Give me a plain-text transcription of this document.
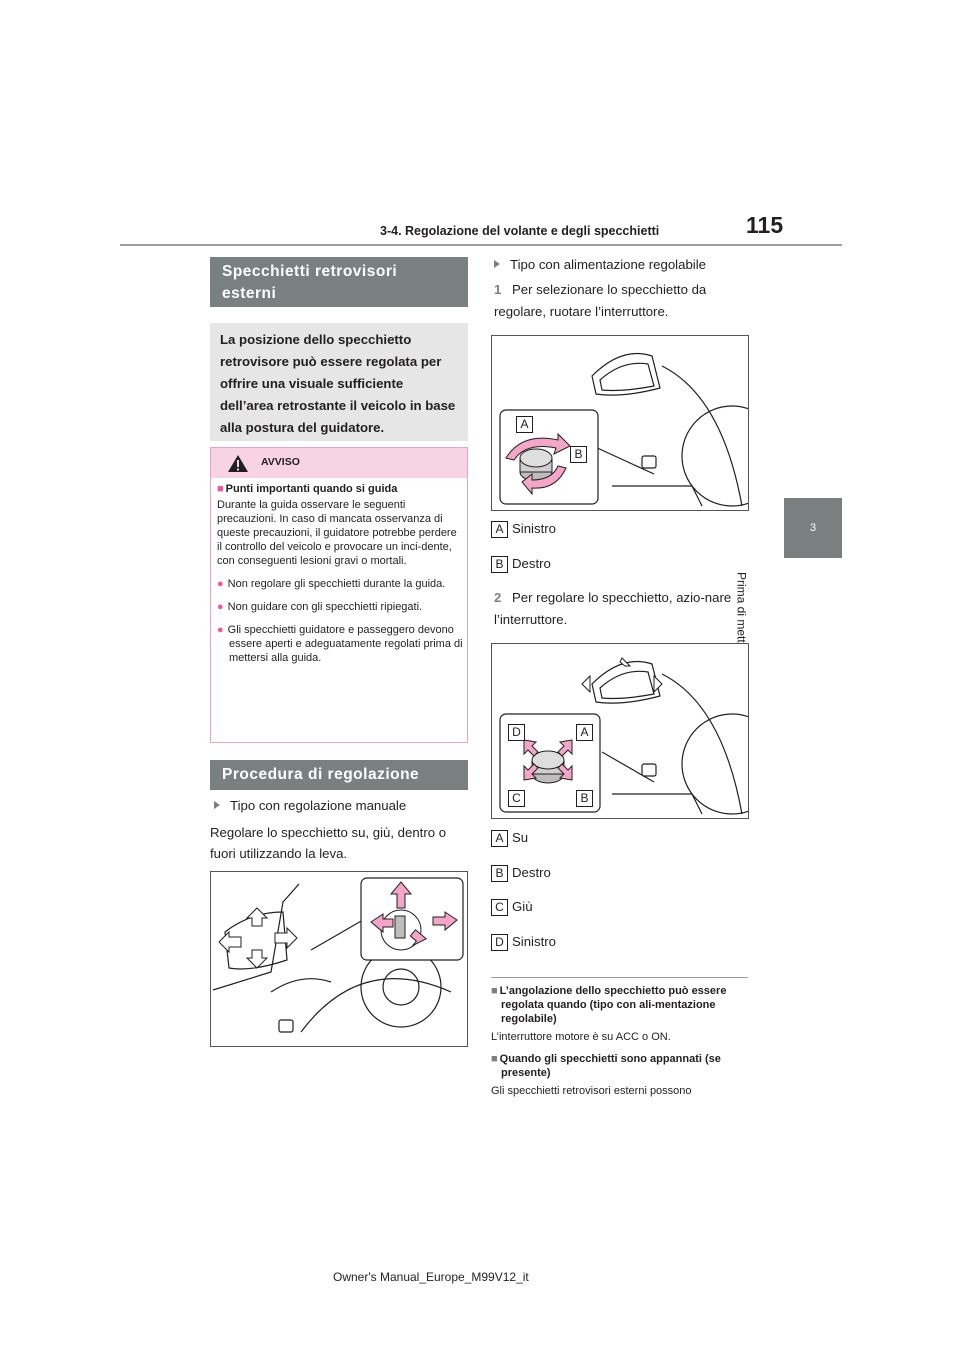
3-4. Regolazione del volante e degli specchietti	115
3
Specchietti retrovisori
esterni
La posizione dello specchietto retrovisore può essere regolata per offrire una visuale sufficiente dell’area retrostante il veicolo in base alla postura del guidatore.
AVVISO
■ Punti importanti quando si guida
Durante la guida osservare le seguenti precauzioni. In caso di mancata osservanza di queste precauzioni, il guidatore potrebbe perdere il controllo del veicolo e provocare un inci-dente, con conseguenti lesioni gravi o mortali.
● Non regolare gli specchietti durante la guida.
● Non guidare con gli specchietti ripiegati.
● Gli specchietti guidatore e passeggero devono essere aperti e adeguatamente regolati prima di mettersi alla guida.
Procedura di regolazione
Tipo con regolazione manuale
Regolare lo specchietto su, giù, dentro o fuori utilizzando la leva.
Tipo con alimentazione regolabile
1 Per selezionare lo specchietto da regolare, ruotare l’interruttore.
A
B
A Sinistro
B Destro
2 Per regolare lo specchietto, azio-nare l’interruttore.
D	A
C	B
A Su
B Destro
C Giù
D Sinistro
■ L’angolazione dello specchietto può essere regolata quando (tipo con ali-mentazione regolabile)
L’interruttore motore è su ACC o ON.
■ Quando gli specchietti sono appannati (se presente)
Gli specchietti retrovisori esterni possono
Owner's Manual_Europe_M99V12_it
